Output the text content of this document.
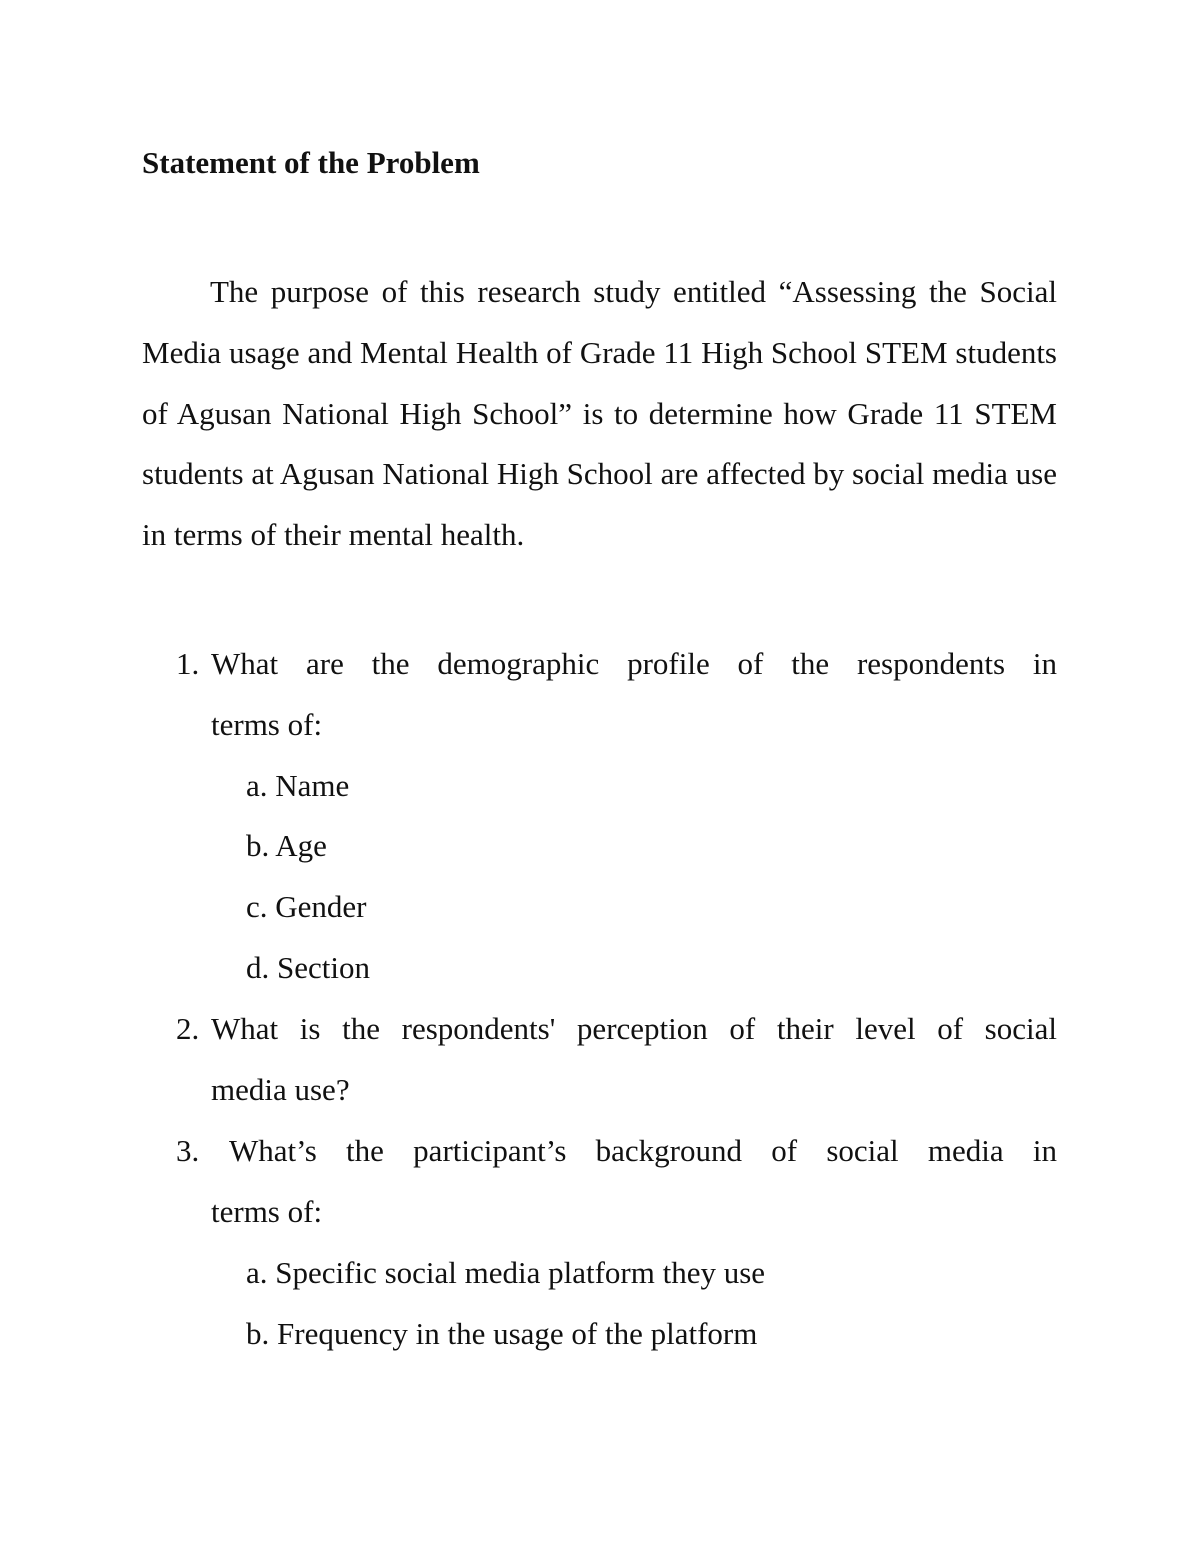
Statement of the Problem

The purpose of this research study entitled “Assessing the Social Media usage and Mental Health of Grade 11 High School STEM students of Agusan National High School” is to determine how Grade 11 STEM students at Agusan National High School are affected by social media use in terms of their mental health.

1. What are the demographic profile of the respondents in
terms of:
a. Name
b. Age
c. Gender
d. Section
2. What is the respondents' perception of their level of social
media use?
3. What’s the participant’s background of social media in
terms of:
a. Specific social media platform they use
b. Frequency in the usage of the platform
